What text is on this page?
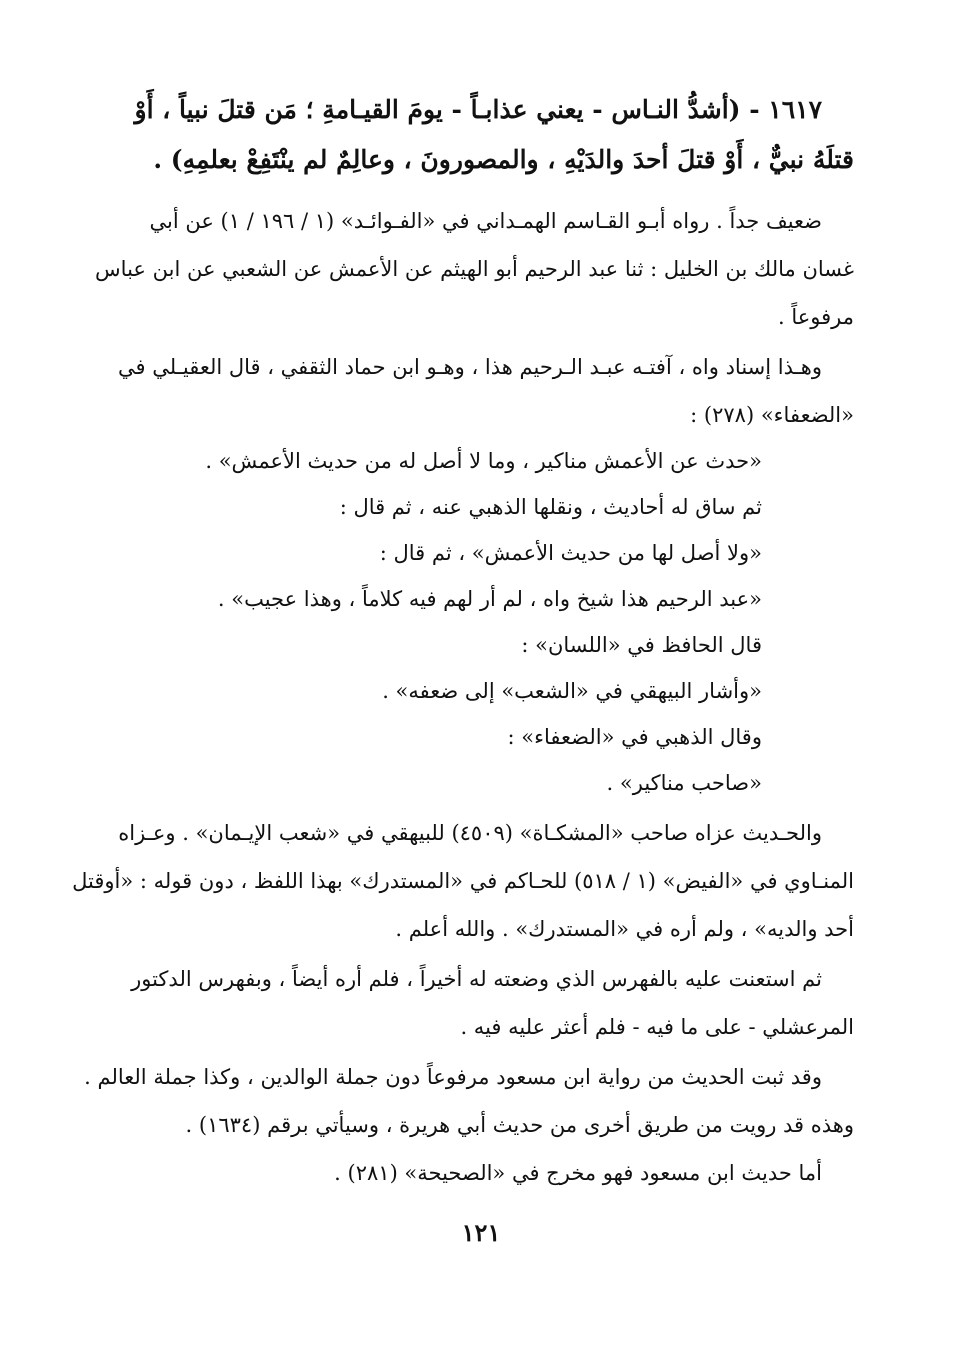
١٦١٧ - (أشدُّ النـاس - يعني عذابـاً - يومَ القيـامةِ ؛ مَن قتلَ نبياً ، أَوْ
قتلَهُ نبيٌّ ، أَوْ قتلَ أحدَ والدَيْهِ ، والمصورونَ ، وعالِمٌ لم ينْتَفِعْ بعلمِهِ) .
ضعيف جداً . رواه أبـو القـاسم الهمـداني في «الفـوائـد» (١ / ١٩٦ / ١) عن أبي
غسان مالك بن الخليل : ثنا عبد الرحيم أبو الهيثم عن الأعمش عن الشعبي عن ابن عباس
مرفوعاً .
وهـذا إسناد واه ، آفتـه عبـد الـرحيم هذا ، وهـو ابن حماد الثقفي ، قال العقيـلي في
«الضعفاء» (٢٧٨) :
«حدث عن الأعمش مناكير ، وما لا أصل له من حديث الأعمش» .
ثم ساق له أحاديث ، ونقلها الذهبي عنه ، ثم قال :
«ولا أصل لها من حديث الأعمش» ، ثم قال :
«عبد الرحيم هذا شيخ واه ، لم أر لهم فيه كلاماً ، وهذا عجيب» .
قال الحافظ في «اللسان» :
«وأشار البيهقي في «الشعب» إلى ضعفه» .
وقال الذهبي في «الضعفاء» :
«صاحب مناكير» .
والحـديث عزاه صاحب «المشكـاة» (٤٥٠٩) للبيهقي في «شعب الإيـمان» . وعـزاه
المنـاوي في «الفيض» (١ / ٥١٨) للحـاكم في «المستدرك» بهذا اللفظ ، دون قوله : «أوقتل
أحد والديه» ، ولم أره في «المستدرك» . والله أعلم .
ثم استعنت عليه بالفهرس الذي وضعته له أخيراً ، فلم أره أيضاً ، وبفهرس الدكتور
المرعشلي - على ما فيه - فلم أعثر عليه فيه .
وقد ثبت الحديث من رواية ابن مسعود مرفوعاً دون جملة الوالدين ، وكذا جملة العالم .
وهذه قد رويت من طريق أخرى من حديث أبي هريرة ، وسيأتي برقم (١٦٣٤) .
أما حديث ابن مسعود فهو مخرج في «الصحيحة» (٢٨١) .
١٢١
